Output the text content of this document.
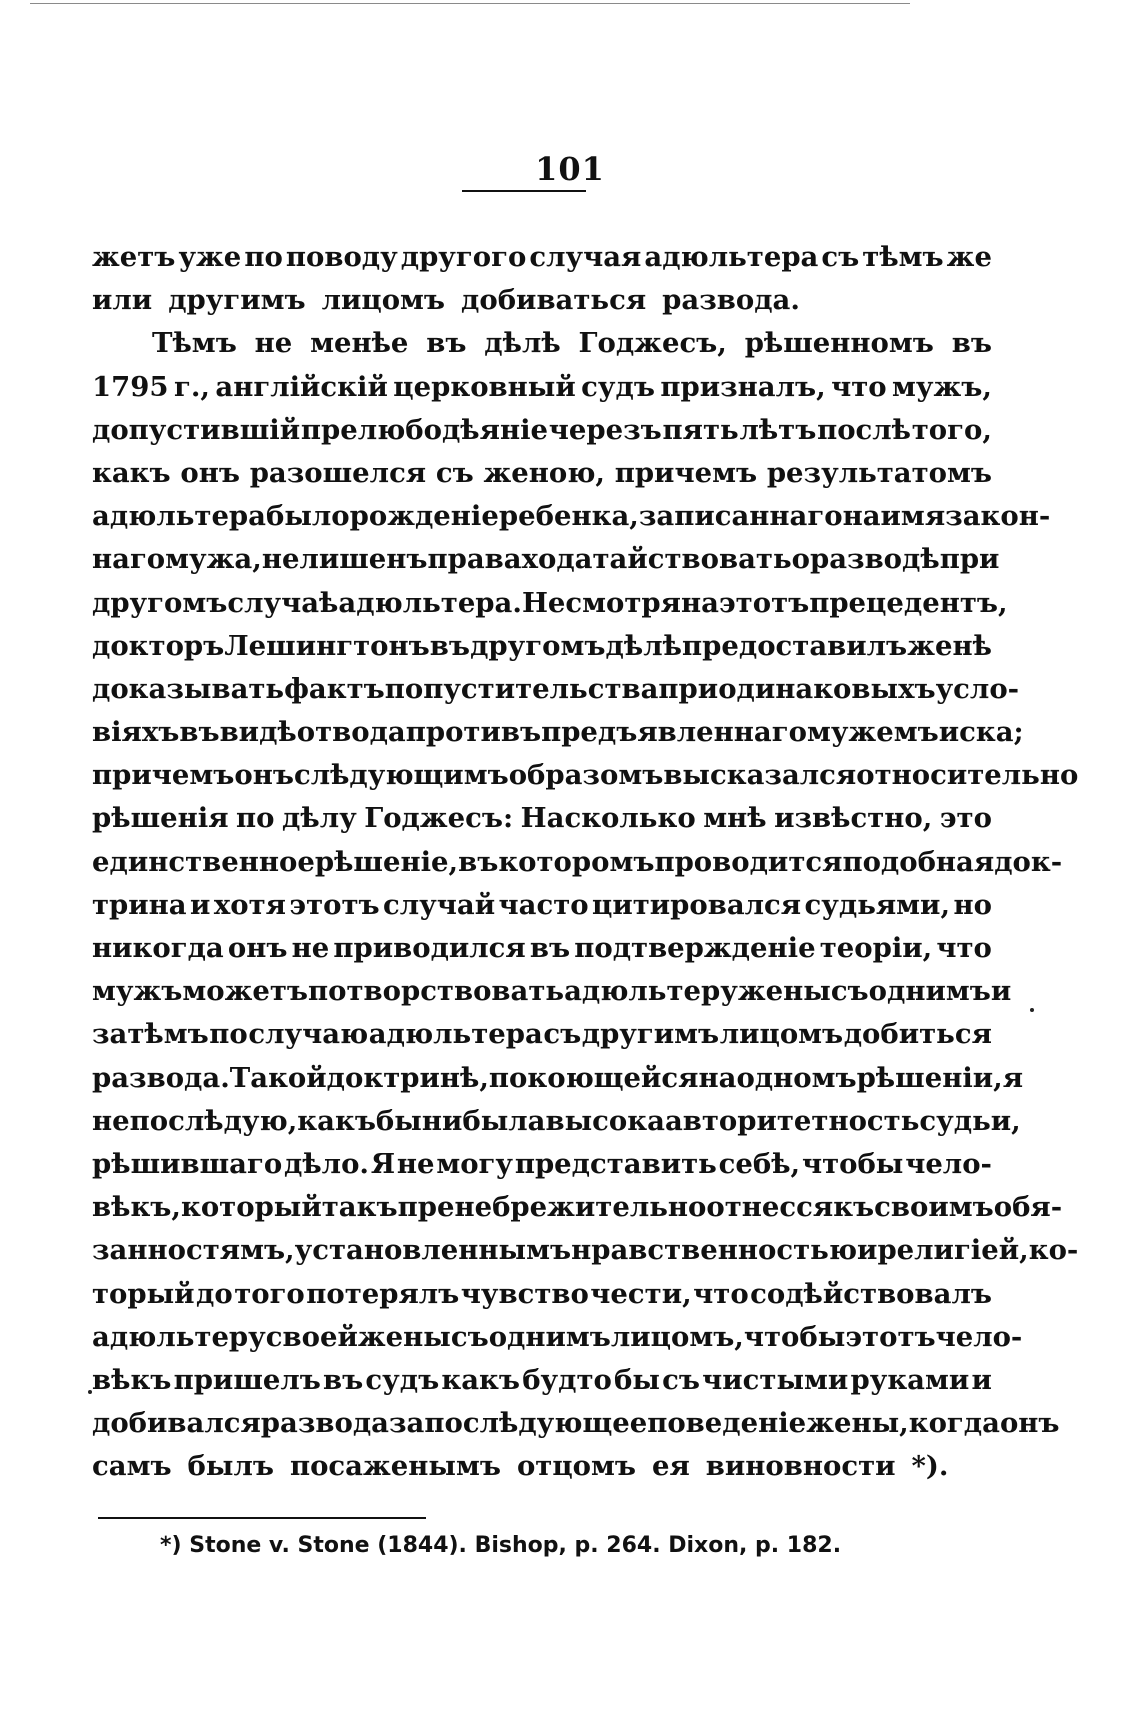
101
жетъ уже по поводу другого случая адюльтера съ тѣмъ же
или другимъ лицомъ добиваться развода.
Тѣмъ не менѣе въ дѣлѣ Годжесъ, рѣшенномъ въ
1795 г., англійскій церковный судъ призналъ, что мужъ,
допустившій прелюбодѣяніе черезъ пять лѣтъ послѣ того,
какъ онъ разошелся съ женою, причемъ результатомъ
адюльтера было рожденіе ребенка, записаннаго на имя закон-
наго мужа, не лишенъ права ходатайствовать о разводѣ при
другомъ случаѣ адюльтера. Несмотря на этотъ прецедентъ,
докторъ Лешингтонъ въ другомъ дѣлѣ предоставилъ женѣ
доказывать фактъ попустительства при одинаковыхъ усло-
віяхъ въ видѣ отвода противъ предъявленнаго мужемъ иска;
причемъ онъ слѣдующимъ образомъ высказался относительно
рѣшенія по дѣлу Годжесъ: Насколько мнѣ извѣстно, это
единственное рѣшеніе, въ которомъ проводится подобная док-
трина и хотя этотъ случай часто цитировался судьями, но
никогда онъ не приводился въ подтвержденіе теоріи, что
мужъ можетъ потворствовать адюльтеру жены съ однимъ и
затѣмъ по случаю адюльтера съ другимъ лицомъ добиться
развода. Такой доктринѣ, покоющейся на одномъ рѣшеніи, я
не послѣдую, какъ бы ни была высока авторитетность судьи,
рѣшившаго дѣло. Я не могу представить себѣ, чтобы чело-
вѣкъ, который такъ пренебрежительно отнесся къ своимъ обя-
занностямъ, установленнымъ нравственностью и религіей, ко-
торый до того потерялъ чувство чести, что содѣйствовалъ
адюльтеру своей жены съ однимъ лицомъ, чтобы этотъ чело-
вѣкъ пришелъ въ судъ какъ будто бы съ чистыми руками и
добивался развода за послѣдующее поведеніе жены, когда онъ
самъ былъ посаженымъ отцомъ ея виновности *).
*) Stone v. Stone (1844). Bishop, p. 264. Dixon, p. 182.
